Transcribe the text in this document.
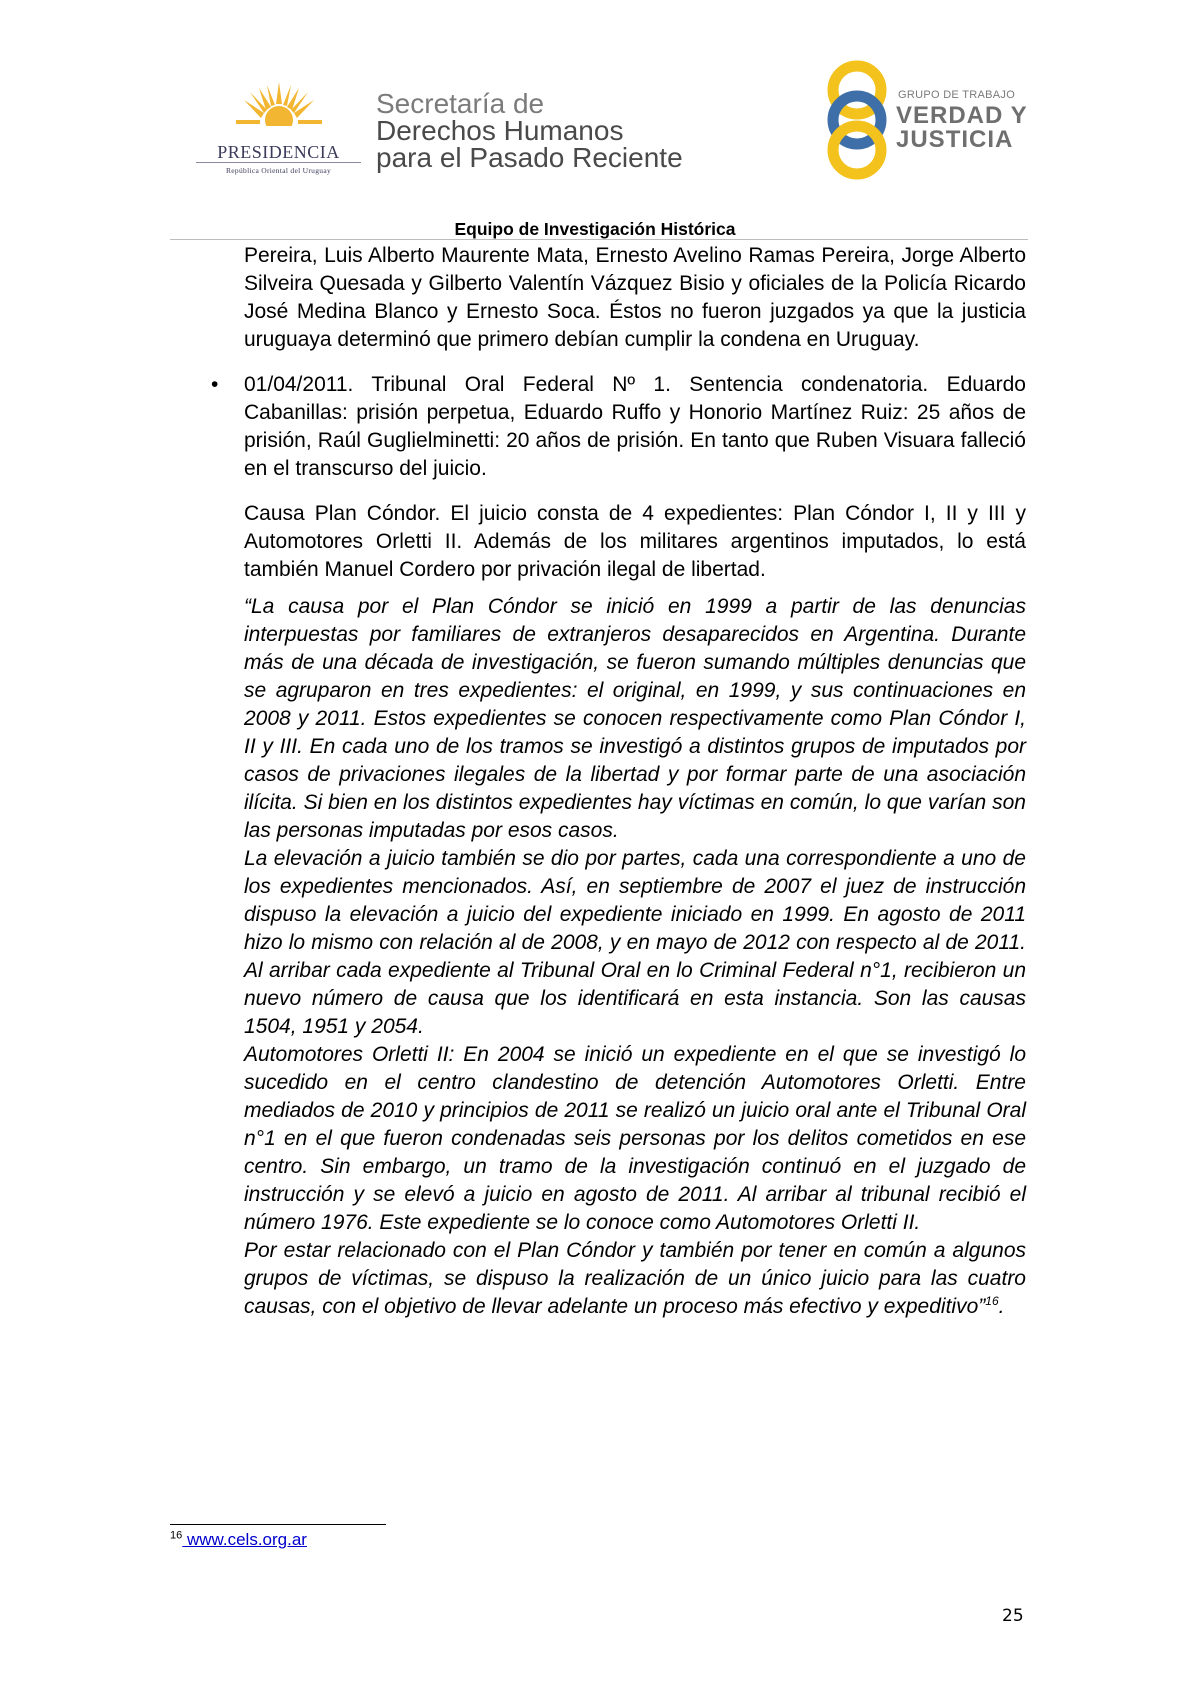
PRESIDENCIA
República Oriental del Uruguay
Secretaría de
Derechos Humanos
para el Pasado Reciente
GRUPO DE TRABAJO
VERDAD Y
JUSTICIA
Equipo de Investigación Histórica

Pereira, Luis Alberto Maurente Mata, Ernesto Avelino Ramas Pereira, Jorge Alberto Silveira Quesada y Gilberto Valentín Vázquez Bisio y oficiales de la Policía Ricardo José Medina Blanco y Ernesto Soca. Éstos no fueron juzgados ya que la justicia uruguaya determinó que primero debían cumplir la condena en Uruguay.

• 01/04/2011. Tribunal Oral Federal Nº 1. Sentencia condenatoria. Eduardo Cabanillas: prisión perpetua, Eduardo Ruffo y Honorio Martínez Ruiz: 25 años de prisión, Raúl Guglielminetti: 20 años de prisión. En tanto que Ruben Visuara falleció en el transcurso del juicio.

Causa Plan Cóndor. El juicio consta de 4 expedientes: Plan Cóndor I, II y III y Automotores Orletti II. Además de los militares argentinos imputados, lo está también Manuel Cordero por privación ilegal de libertad.

“La causa por el Plan Cóndor se inició en 1999 a partir de las denuncias interpuestas por familiares de extranjeros desaparecidos en Argentina. Durante más de una década de investigación, se fueron sumando múltiples denuncias que se agruparon en tres expedientes: el original, en 1999, y sus continuaciones en 2008 y 2011. Estos expedientes se conocen respectivamente como Plan Cóndor I, II y III. En cada uno de los tramos se investigó a distintos grupos de imputados por casos de privaciones ilegales de la libertad y por formar parte de una asociación ilícita. Si bien en los distintos expedientes hay víctimas en común, lo que varían son las personas imputadas por esos casos.

La elevación a juicio también se dio por partes, cada una correspondiente a uno de los expedientes mencionados. Así, en septiembre de 2007 el juez de instrucción dispuso la elevación a juicio del expediente iniciado en 1999. En agosto de 2011 hizo lo mismo con relación al de 2008, y en mayo de 2012 con respecto al de 2011. Al arribar cada expediente al Tribunal Oral en lo Criminal Federal n°1, recibieron un nuevo número de causa que los identificará en esta instancia. Son las causas 1504, 1951 y 2054.

Automotores Orletti II: En 2004 se inició un expediente en el que se investigó lo sucedido en el centro clandestino de detención Automotores Orletti. Entre mediados de 2010 y principios de 2011 se realizó un juicio oral ante el Tribunal Oral n°1 en el que fueron condenadas seis personas por los delitos cometidos en ese centro. Sin embargo, un tramo de la investigación continuó en el juzgado de instrucción y se elevó a juicio en agosto de 2011. Al arribar al tribunal recibió el número 1976. Este expediente se lo conoce como Automotores Orletti II.

Por estar relacionado con el Plan Cóndor y también por tener en común a algunos grupos de víctimas, se dispuso la realización de un único juicio para las cuatro causas, con el objetivo de llevar adelante un proceso más efectivo y expeditivo”$^{16}$.

$^{16}$ www.cels.org.ar
25
